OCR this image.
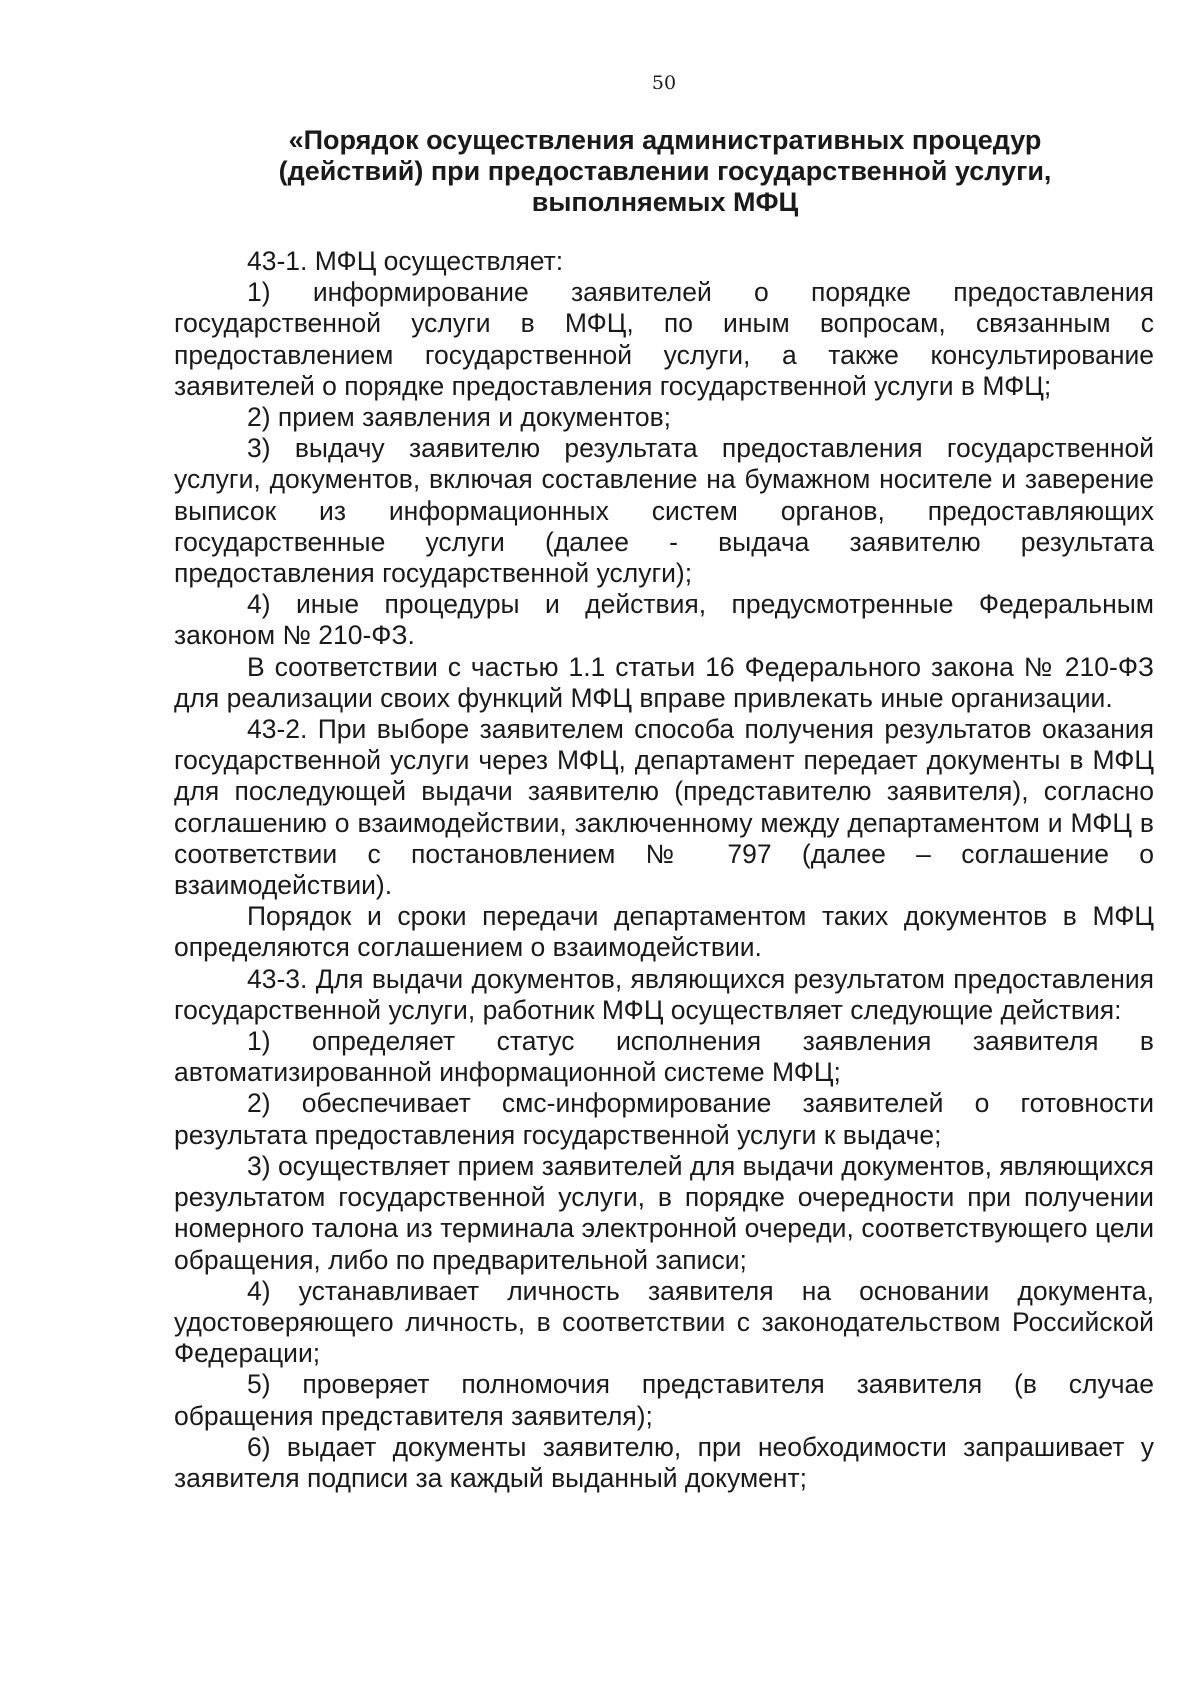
50
«Порядок осуществления административных процедур
(действий) при предоставлении государственной услуги,
выполняемых МФЦ

43-1. МФЦ осуществляет:

1) информирование заявителей о порядке предоставления государственной услуги в МФЦ, по иным вопросам, связанным с предоставлением государственной услуги, а также консультирование заявителей о порядке предоставления государственной услуги в МФЦ;

2) прием заявления и документов;

3) выдачу заявителю результата предоставления государственной услуги, документов, включая составление на бумажном носителе и заверение выписок из информационных систем органов, предоставляющих государственные услуги (далее - выдача заявителю результата предоставления государственной услуги);

4) иные процедуры и действия, предусмотренные Федеральным законом № 210-ФЗ.

В соответствии с частью 1.1 статьи 16 Федерального закона № 210-ФЗ для реализации своих функций МФЦ вправе привлекать иные организации.

43-2. При выборе заявителем способа получения результатов оказания государственной услуги через МФЦ, департамент передает документы в МФЦ для последующей выдачи заявителю (представителю заявителя), согласно соглашению о взаимодействии, заключенному между департаментом и МФЦ в соответствии с постановлением № 797 (далее – соглашение о взаимодействии).

Порядок и сроки передачи департаментом таких документов в МФЦ определяются соглашением о взаимодействии.

43-3. Для выдачи документов, являющихся результатом предоставления государственной услуги, работник МФЦ осуществляет следующие действия:

1) определяет статус исполнения заявления заявителя в автоматизированной информационной системе МФЦ;

2) обеспечивает смс-информирование заявителей о готовности результата предоставления государственной услуги к выдаче;

3) осуществляет прием заявителей для выдачи документов, являющихся результатом государственной услуги, в порядке очередности при получении номерного талона из терминала электронной очереди, соответствующего цели обращения, либо по предварительной записи;

4) устанавливает личность заявителя на основании документа, удостоверяющего личность, в соответствии с законодательством Российской Федерации;

5) проверяет полномочия представителя заявителя (в случае обращения представителя заявителя);

6) выдает документы заявителю, при необходимости запрашивает у заявителя подписи за каждый выданный документ;
